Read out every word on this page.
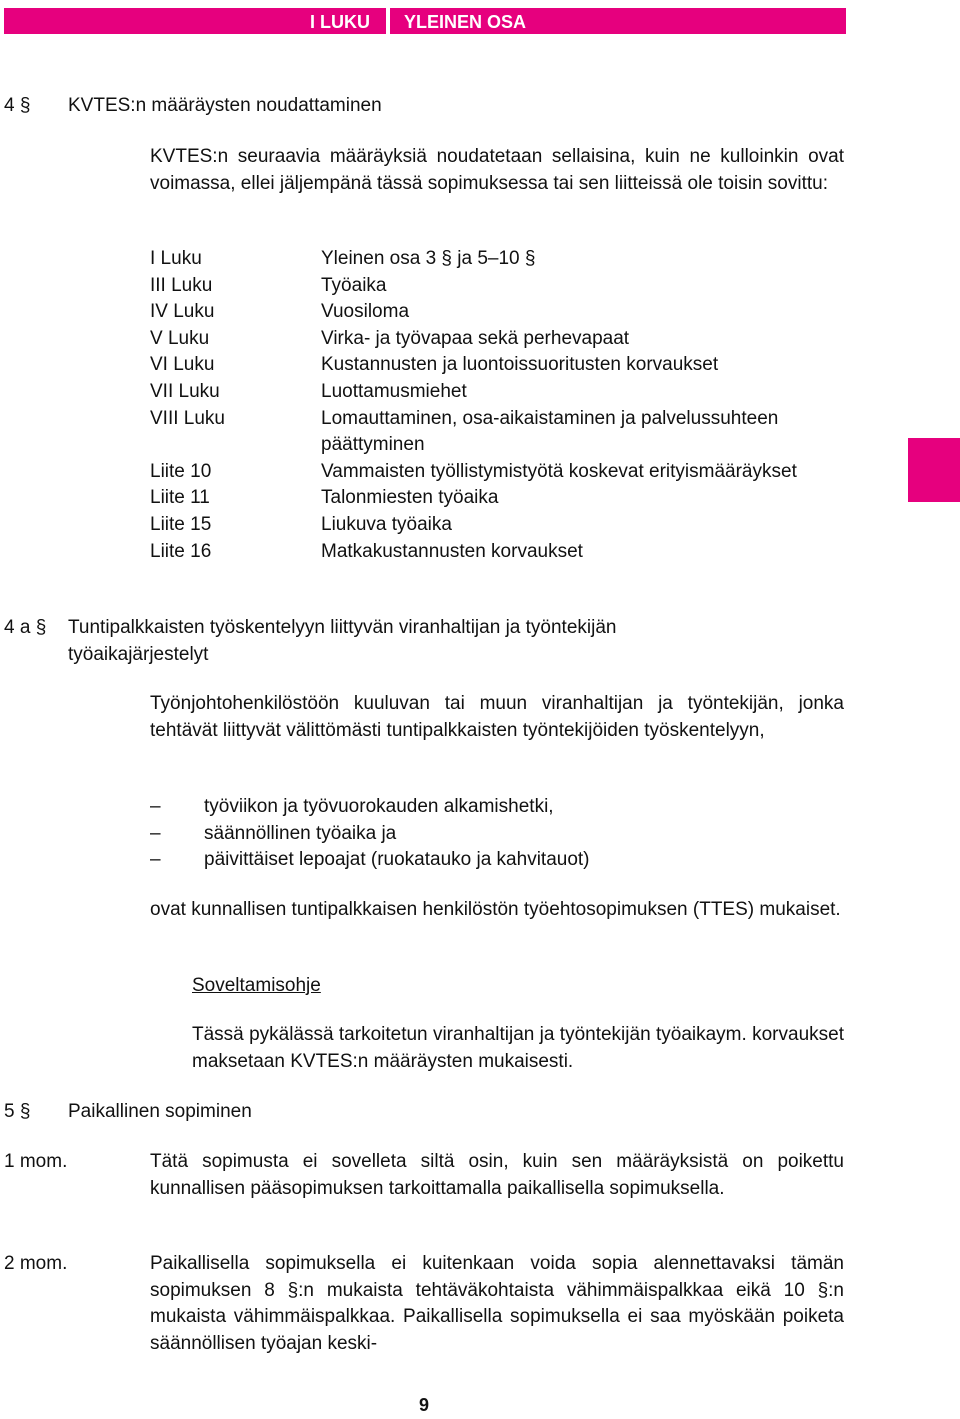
I LUKU YLEINEN OSA
4 § KVTES:n määräysten noudattaminen
KVTES:n seuraavia määräyksiä noudatetaan sellaisina, kuin ne kulloinkin ovat voimassa, ellei jäljempänä tässä sopimuksessa tai sen liitteissä ole toisin sovittu:
I Luku	Yleinen osa 3 § ja 5–10 §
III Luku	Työaika
IV Luku	Vuosiloma
V Luku	Virka- ja työvapaa sekä perhevapaat
VI Luku	Kustannusten ja luontoissuoritusten korvaukset
VII Luku	Luottamusmiehet
VIII Luku	Lomauttaminen, osa-aikaistaminen ja palvelussuhteen päättyminen
Liite 10	Vammaisten työllistymistyötä koskevat erityismääräykset
Liite 11	Talonmiesten työaika
Liite 15	Liukuva työaika
Liite 16	Matkakustannusten korvaukset
4 a § Tuntipalkkaisten työskentelyyn liittyvän viranhaltijan ja työntekijän työaikajärjestelyt
Työnjohtohenkilöstöön kuuluvan tai muun viranhaltijan ja työntekijän, jonka tehtävät liittyvät välittömästi tuntipalkkaisten työntekijöiden työskentelyyn,
– työviikon ja työvuorokauden alkamishetki,
– säännöllinen työaika ja
– päivittäiset lepoajat (ruokatauko ja kahvitauot)
ovat kunnallisen tuntipalkkaisen henkilöstön työehtosopimuksen (TTES) mukaiset.
Soveltamisohje
Tässä pykälässä tarkoitetun viranhaltijan ja työntekijän työaikaym. korvaukset maksetaan KVTES:n määräysten mukaisesti.
5 § Paikallinen sopiminen
1 mom.	Tätä sopimusta ei sovelleta siltä osin, kuin sen määräyksistä on poikettu kunnallisen pääsopimuksen tarkoittamalla paikallisella sopimuksella.
2 mom.	Paikallisella sopimuksella ei kuitenkaan voida sopia alennettavaksi tämän sopimuksen 8 §:n mukaista tehtäväkohtaista vähimmäispalkkaa eikä 10 §:n mukaista vähimmäispalkkaa. Paikallisella sopimuksella ei saa myöskään poiketa säännöllisen työajan keski-
9
